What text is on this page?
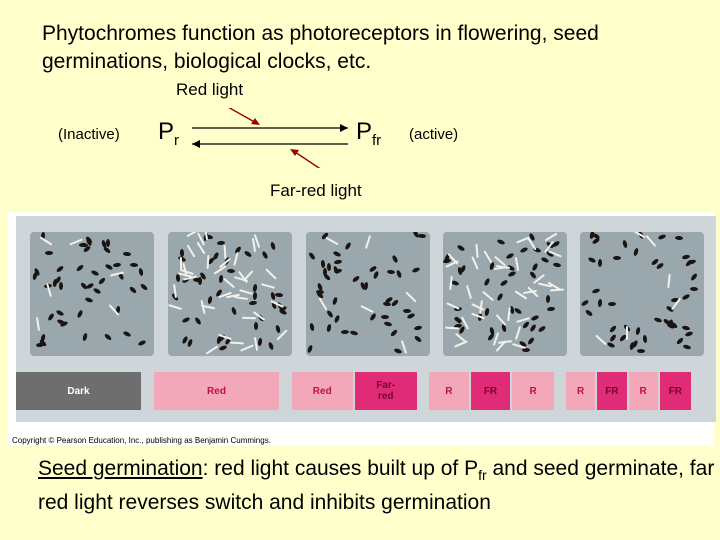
Phytochromes function as photoreceptors in flowering, seed germinations, biological clocks, etc.
Red light
(Inactive) $P_r$	$P_{fr}$ (active)
Far-red light
Dark	Red	Red	Far-
red	R	FR	R	R	FR	R	FR
Copyright © Pearson Education, Inc., publishing as Benjamin Cummings.
Seed germination: red light causes built up of $P_{fr}$ and seed germinate, far red light reverses switch and inhibits germination
